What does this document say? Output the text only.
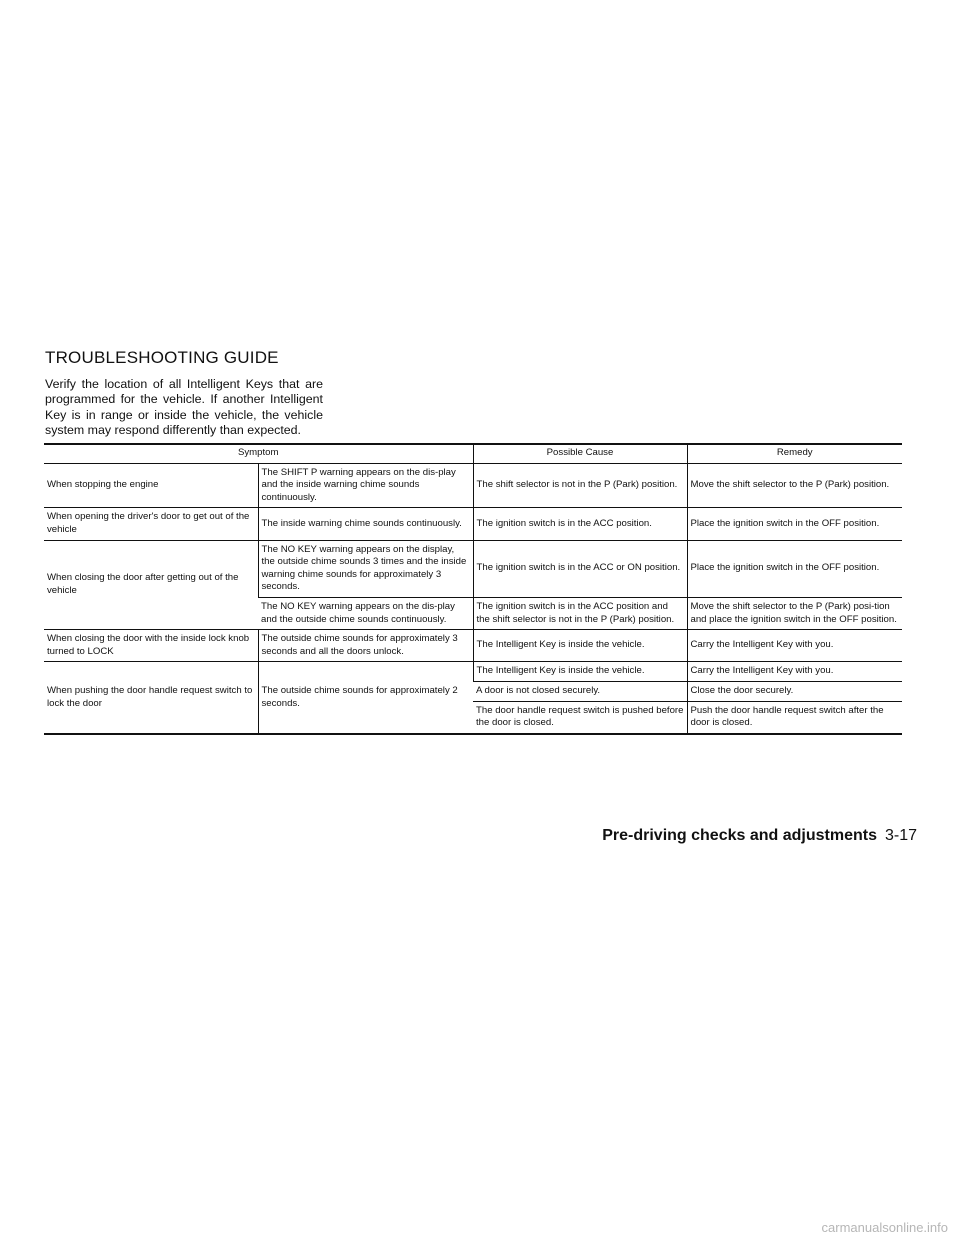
TROUBLESHOOTING GUIDE

Verify the location of all Intelligent Keys that are programmed for the vehicle. If another Intelligent Key is in range or inside the vehicle, the vehicle system may respond differently than expected.

Symptom		Possible Cause	Remedy
When stopping the engine	The SHIFT P warning appears on the dis-play and the inside warning chime sounds continuously.	The shift selector is not in the P (Park) position.	Move the shift selector to the P (Park) position.
When opening the driver's door to get out of the vehicle	The inside warning chime sounds continuously.	The ignition switch is in the ACC position.	Place the ignition switch in the OFF position.
When closing the door after getting out of the vehicle	The NO KEY warning appears on the display, the outside chime sounds 3 times and the inside warning chime sounds for approximately 3 seconds.	The ignition switch is in the ACC or ON position.	Place the ignition switch in the OFF position.
	The NO KEY warning appears on the dis-play and the outside chime sounds continuously.	The ignition switch is in the ACC position and the shift selector is not in the P (Park) position.	Move the shift selector to the P (Park) posi-tion and place the ignition switch in the OFF position.
When closing the door with the inside lock knob turned to LOCK	The outside chime sounds for approximately 3 seconds and all the doors unlock.	The Intelligent Key is inside the vehicle.	Carry the Intelligent Key with you.
When pushing the door handle request switch to lock the door	The outside chime sounds for approximately 2 seconds.	The Intelligent Key is inside the vehicle.	Carry the Intelligent Key with you.
		A door is not closed securely.	Close the door securely.
		The door handle request switch is pushed before the door is closed.	Push the door handle request switch after the door is closed.
Pre-driving checks and adjustments 3-17
carmanualsonline.info
